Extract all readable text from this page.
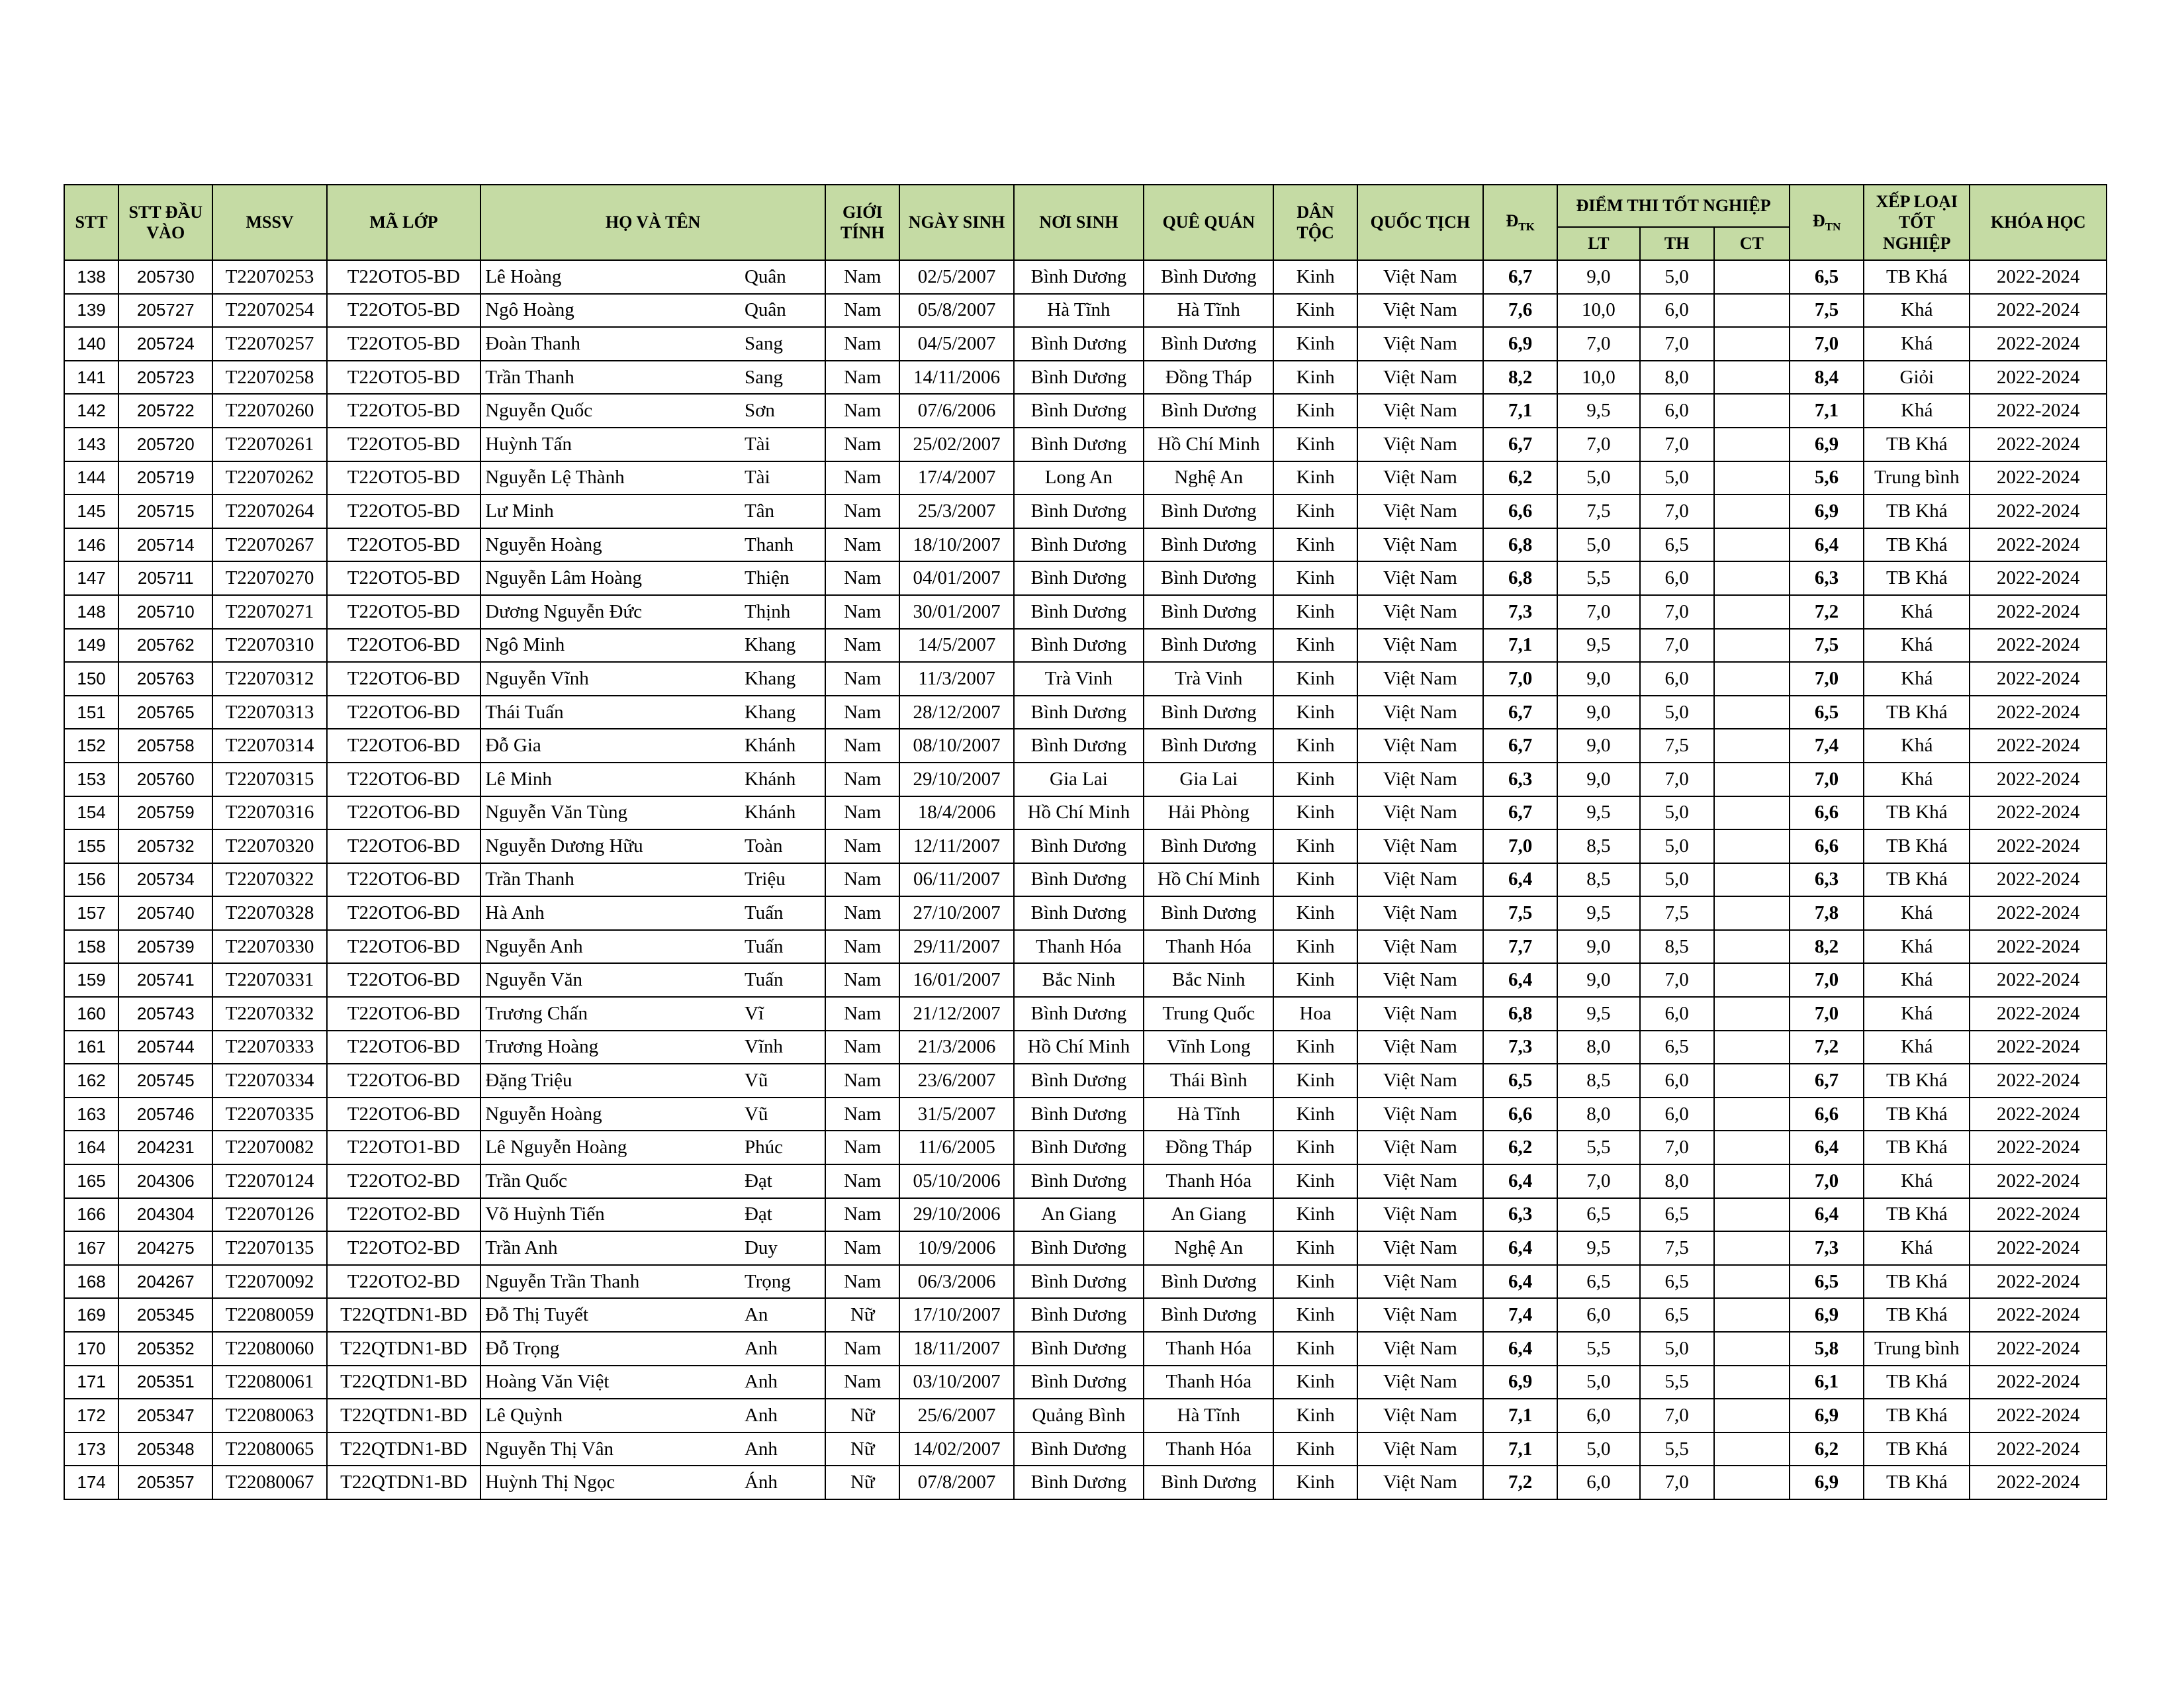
STT	STT ĐẦU VÀO	MSSV	MÃ LỚP	HỌ VÀ TÊN		GIỚI TÍNH	NGÀY SINH	NƠI SINH	QUÊ QUÁN	DÂN TỘC	QUỐC TỊCH	$Đ_{TK}$	ĐIỂM THI TỐT NGHIỆP			$Đ_{TN}$	XẾP LOẠI TỐT NGHIỆP	KHÓA HỌC
													LT	TH	CT			
138	205730	T22070253	T22OTO5-BD	Lê Hoàng	Quân	Nam	02/5/2007	Bình Dương	Bình Dương	Kinh	Việt Nam	6,7	9,0	5,0		6,5	TB Khá	2022-2024
139	205727	T22070254	T22OTO5-BD	Ngô Hoàng	Quân	Nam	05/8/2007	Hà Tĩnh	Hà Tĩnh	Kinh	Việt Nam	7,6	10,0	6,0		7,5	Khá	2022-2024
140	205724	T22070257	T22OTO5-BD	Đoàn Thanh	Sang	Nam	04/5/2007	Bình Dương	Bình Dương	Kinh	Việt Nam	6,9	7,0	7,0		7,0	Khá	2022-2024
141	205723	T22070258	T22OTO5-BD	Trần Thanh	Sang	Nam	14/11/2006	Bình Dương	Đồng Tháp	Kinh	Việt Nam	8,2	10,0	8,0		8,4	Giỏi	2022-2024
142	205722	T22070260	T22OTO5-BD	Nguyễn Quốc	Sơn	Nam	07/6/2006	Bình Dương	Bình Dương	Kinh	Việt Nam	7,1	9,5	6,0		7,1	Khá	2022-2024
143	205720	T22070261	T22OTO5-BD	Huỳnh Tấn	Tài	Nam	25/02/2007	Bình Dương	Hồ Chí Minh	Kinh	Việt Nam	6,7	7,0	7,0		6,9	TB Khá	2022-2024
144	205719	T22070262	T22OTO5-BD	Nguyễn Lệ Thành	Tài	Nam	17/4/2007	Long An	Nghệ An	Kinh	Việt Nam	6,2	5,0	5,0		5,6	Trung bình	2022-2024
145	205715	T22070264	T22OTO5-BD	Lư Minh	Tân	Nam	25/3/2007	Bình Dương	Bình Dương	Kinh	Việt Nam	6,6	7,5	7,0		6,9	TB Khá	2022-2024
146	205714	T22070267	T22OTO5-BD	Nguyễn Hoàng	Thanh	Nam	18/10/2007	Bình Dương	Bình Dương	Kinh	Việt Nam	6,8	5,0	6,5		6,4	TB Khá	2022-2024
147	205711	T22070270	T22OTO5-BD	Nguyễn Lâm Hoàng	Thiện	Nam	04/01/2007	Bình Dương	Bình Dương	Kinh	Việt Nam	6,8	5,5	6,0		6,3	TB Khá	2022-2024
148	205710	T22070271	T22OTO5-BD	Dương Nguyễn Đức	Thịnh	Nam	30/01/2007	Bình Dương	Bình Dương	Kinh	Việt Nam	7,3	7,0	7,0		7,2	Khá	2022-2024
149	205762	T22070310	T22OTO6-BD	Ngô Minh	Khang	Nam	14/5/2007	Bình Dương	Bình Dương	Kinh	Việt Nam	7,1	9,5	7,0		7,5	Khá	2022-2024
150	205763	T22070312	T22OTO6-BD	Nguyễn Vĩnh	Khang	Nam	11/3/2007	Trà Vinh	Trà Vinh	Kinh	Việt Nam	7,0	9,0	6,0		7,0	Khá	2022-2024
151	205765	T22070313	T22OTO6-BD	Thái Tuấn	Khang	Nam	28/12/2007	Bình Dương	Bình Dương	Kinh	Việt Nam	6,7	9,0	5,0		6,5	TB Khá	2022-2024
152	205758	T22070314	T22OTO6-BD	Đỗ Gia	Khánh	Nam	08/10/2007	Bình Dương	Bình Dương	Kinh	Việt Nam	6,7	9,0	7,5		7,4	Khá	2022-2024
153	205760	T22070315	T22OTO6-BD	Lê Minh	Khánh	Nam	29/10/2007	Gia Lai	Gia Lai	Kinh	Việt Nam	6,3	9,0	7,0		7,0	Khá	2022-2024
154	205759	T22070316	T22OTO6-BD	Nguyễn Văn Tùng	Khánh	Nam	18/4/2006	Hồ Chí Minh	Hải Phòng	Kinh	Việt Nam	6,7	9,5	5,0		6,6	TB Khá	2022-2024
155	205732	T22070320	T22OTO6-BD	Nguyễn Dương Hữu	Toàn	Nam	12/11/2007	Bình Dương	Bình Dương	Kinh	Việt Nam	7,0	8,5	5,0		6,6	TB Khá	2022-2024
156	205734	T22070322	T22OTO6-BD	Trần Thanh	Triệu	Nam	06/11/2007	Bình Dương	Hồ Chí Minh	Kinh	Việt Nam	6,4	8,5	5,0		6,3	TB Khá	2022-2024
157	205740	T22070328	T22OTO6-BD	Hà Anh	Tuấn	Nam	27/10/2007	Bình Dương	Bình Dương	Kinh	Việt Nam	7,5	9,5	7,5		7,8	Khá	2022-2024
158	205739	T22070330	T22OTO6-BD	Nguyễn Anh	Tuấn	Nam	29/11/2007	Thanh Hóa	Thanh Hóa	Kinh	Việt Nam	7,7	9,0	8,5		8,2	Khá	2022-2024
159	205741	T22070331	T22OTO6-BD	Nguyễn Văn	Tuấn	Nam	16/01/2007	Bắc Ninh	Bắc Ninh	Kinh	Việt Nam	6,4	9,0	7,0		7,0	Khá	2022-2024
160	205743	T22070332	T22OTO6-BD	Trương Chấn	Vĩ	Nam	21/12/2007	Bình Dương	Trung Quốc	Hoa	Việt Nam	6,8	9,5	6,0		7,0	Khá	2022-2024
161	205744	T22070333	T22OTO6-BD	Trương Hoàng	Vĩnh	Nam	21/3/2006	Hồ Chí Minh	Vĩnh Long	Kinh	Việt Nam	7,3	8,0	6,5		7,2	Khá	2022-2024
162	205745	T22070334	T22OTO6-BD	Đặng Triệu	Vũ	Nam	23/6/2007	Bình Dương	Thái Bình	Kinh	Việt Nam	6,5	8,5	6,0		6,7	TB Khá	2022-2024
163	205746	T22070335	T22OTO6-BD	Nguyễn Hoàng	Vũ	Nam	31/5/2007	Bình Dương	Hà Tĩnh	Kinh	Việt Nam	6,6	8,0	6,0		6,6	TB Khá	2022-2024
164	204231	T22070082	T22OTO1-BD	Lê Nguyễn Hoàng	Phúc	Nam	11/6/2005	Bình Dương	Đồng Tháp	Kinh	Việt Nam	6,2	5,5	7,0		6,4	TB Khá	2022-2024
165	204306	T22070124	T22OTO2-BD	Trần Quốc	Đạt	Nam	05/10/2006	Bình Dương	Thanh Hóa	Kinh	Việt Nam	6,4	7,0	8,0		7,0	Khá	2022-2024
166	204304	T22070126	T22OTO2-BD	Võ Huỳnh Tiến	Đạt	Nam	29/10/2006	An Giang	An Giang	Kinh	Việt Nam	6,3	6,5	6,5		6,4	TB Khá	2022-2024
167	204275	T22070135	T22OTO2-BD	Trần Anh	Duy	Nam	10/9/2006	Bình Dương	Nghệ An	Kinh	Việt Nam	6,4	9,5	7,5		7,3	Khá	2022-2024
168	204267	T22070092	T22OTO2-BD	Nguyễn Trần Thanh	Trọng	Nam	06/3/2006	Bình Dương	Bình Dương	Kinh	Việt Nam	6,4	6,5	6,5		6,5	TB Khá	2022-2024
169	205345	T22080059	T22QTDN1-BD	Đỗ Thị Tuyết	An	Nữ	17/10/2007	Bình Dương	Bình Dương	Kinh	Việt Nam	7,4	6,0	6,5		6,9	TB Khá	2022-2024
170	205352	T22080060	T22QTDN1-BD	Đỗ Trọng	Anh	Nam	18/11/2007	Bình Dương	Thanh Hóa	Kinh	Việt Nam	6,4	5,5	5,0		5,8	Trung bình	2022-2024
171	205351	T22080061	T22QTDN1-BD	Hoàng Văn Việt	Anh	Nam	03/10/2007	Bình Dương	Thanh Hóa	Kinh	Việt Nam	6,9	5,0	5,5		6,1	TB Khá	2022-2024
172	205347	T22080063	T22QTDN1-BD	Lê Quỳnh	Anh	Nữ	25/6/2007	Quảng Bình	Hà Tĩnh	Kinh	Việt Nam	7,1	6,0	7,0		6,9	TB Khá	2022-2024
173	205348	T22080065	T22QTDN1-BD	Nguyễn Thị Vân	Anh	Nữ	14/02/2007	Bình Dương	Thanh Hóa	Kinh	Việt Nam	7,1	5,0	5,5		6,2	TB Khá	2022-2024
174	205357	T22080067	T22QTDN1-BD	Huỳnh Thị Ngọc	Ánh	Nữ	07/8/2007	Bình Dương	Bình Dương	Kinh	Việt Nam	7,2	6,0	7,0		6,9	TB Khá	2022-2024
